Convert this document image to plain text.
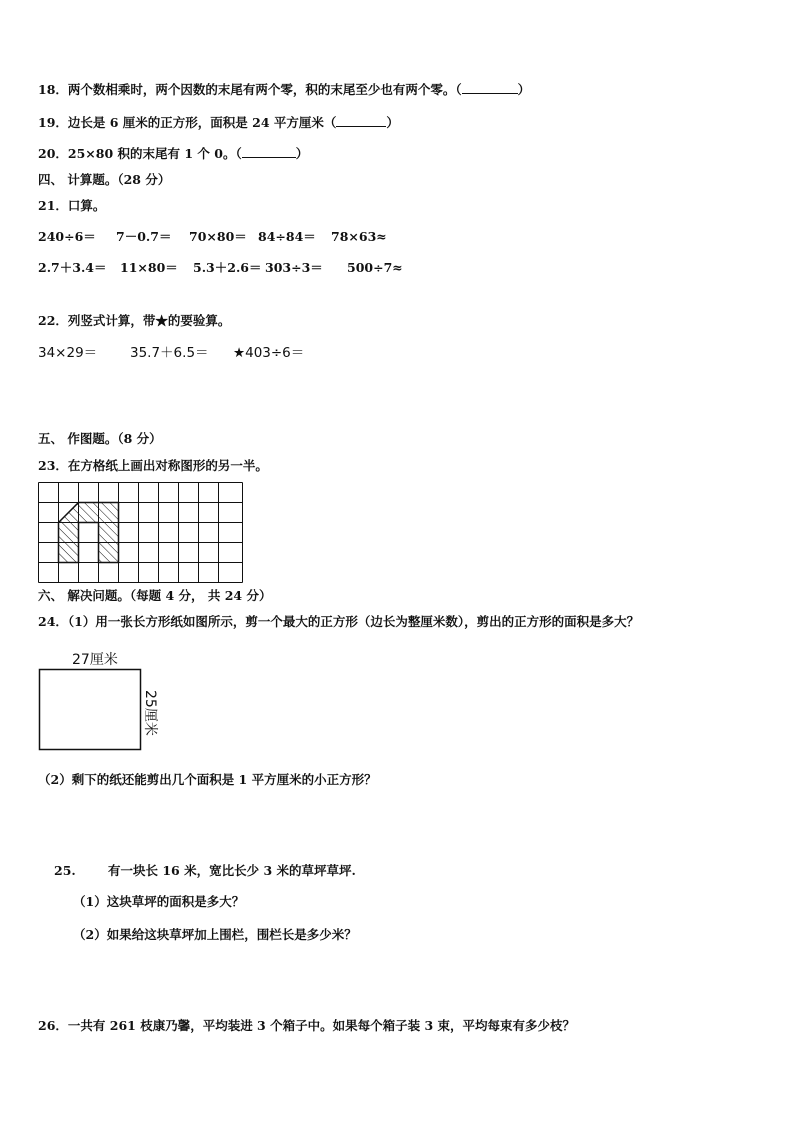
18．两个数相乘时，两个因数的末尾有两个零，积的末尾至少也有两个零。（	）
19．边长是 6 厘米的正方形，面积是 24 平方厘米（	）
20．25×80 积的末尾有 1 个 0。（	）
四、 计算题。（28 分）
21．口算。
240÷6＝ 7－0.7＝ 70×80＝ 84÷84＝ 78×63≈
2.7＋3.4＝ 11×80＝ 5.3＋2.6＝ 303÷3＝ 500÷7≈
22．列竖式计算，带★的要验算。
34×29＝ 35.7＋6.5＝ ★403÷6＝
五、 作图题。（8 分）
23．在方格纸上画出对称图形的另一半。
六、 解决问题。（每题 4 分， 共 24 分）
24．（1）用一张长方形纸如图所示，剪一个最大的正方形（边长为整厘米数），剪出的正方形的面积是多大？
27厘米
25厘米
（2）剩下的纸还能剪出几个面积是 1 平方厘米的小正方形？
25.	有一块长 16 米，宽比长少 3 米的草坪草坪.
（1）这块草坪的面积是多大？
（2）如果给这块草坪加上围栏，围栏长是多少米？
26．一共有 261 枝康乃馨，平均装进 3 个箱子中。如果每个箱子装 3 束，平均每束有多少枝？
